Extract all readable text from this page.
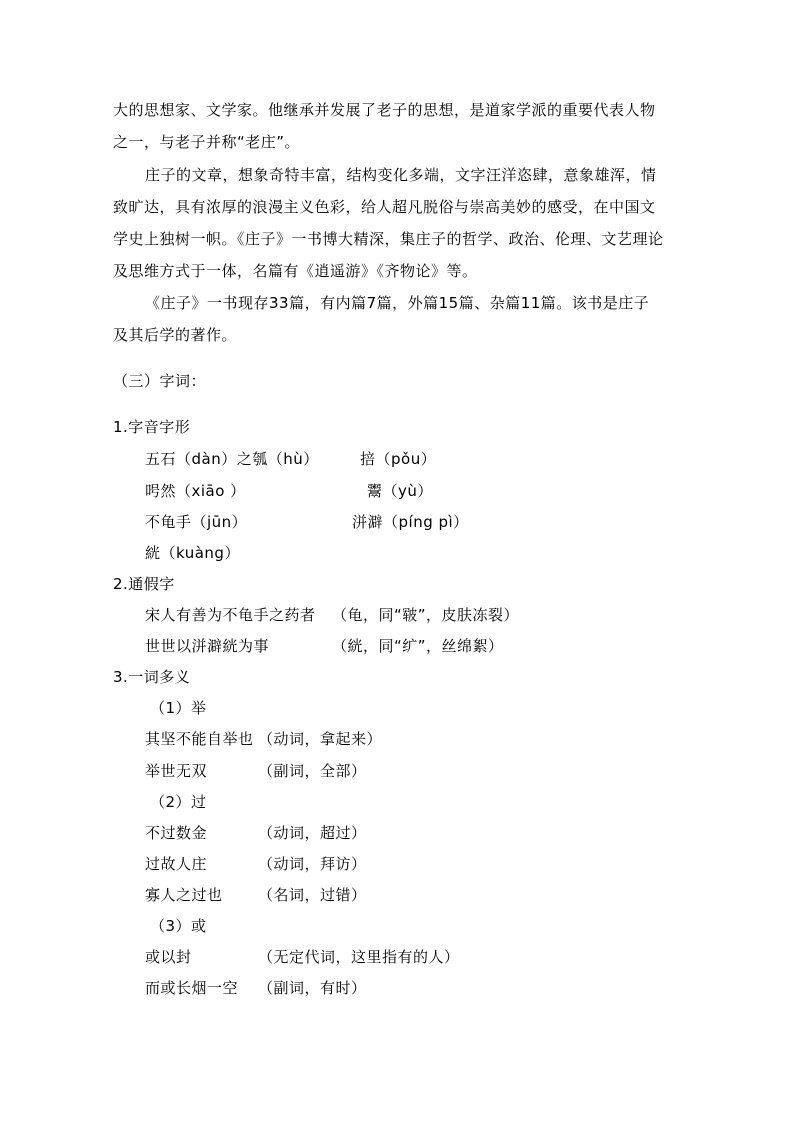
大的思想家、文学家。他继承并发展了老子的思想，是道家学派的重要代表人物
之一，与老子并称“老庄”。
庄子的文章，想象奇特丰富，结构变化多端，文字汪洋恣肆，意象雄浑，情
致旷达，具有浓厚的浪漫主义色彩，给人超凡脱俗与崇高美妙的感受，在中国文
学史上独树一帜。《庄子》一书博大精深，集庄子的哲学、政治、伦理、文艺理论
及思维方式于一体，名篇有《逍遥游》《齐物论》等。
《庄子》一书现存33篇，有内篇7篇，外篇15篇、杂篇11篇。该书是庄子
及其后学的著作。
（三）字词：
1.字音字形
五石（dàn）之瓠（hù）	掊（pǒu）
呺然（xiāo ）	鬻（yù）
不龟手（jūn）	洴澼（píng pì）
絖（kuàng）
2.通假字
宋人有善为不龟手之药者 （龟，同“皲”，皮肤冻裂）
世世以洴澼絖为事	（絖，同“纩”，丝绵絮）
3.一词多义
（1）举
其坚不能自举也 （动词，拿起来）
举世无双	（副词，全部）
（2）过
不过数金	（动词，超过）
过故人庄	（动词，拜访）
寡人之过也 （名词，过错）
（3）或
或以封	（无定代词，这里指有的人）
而或长烟一空 （副词，有时）
